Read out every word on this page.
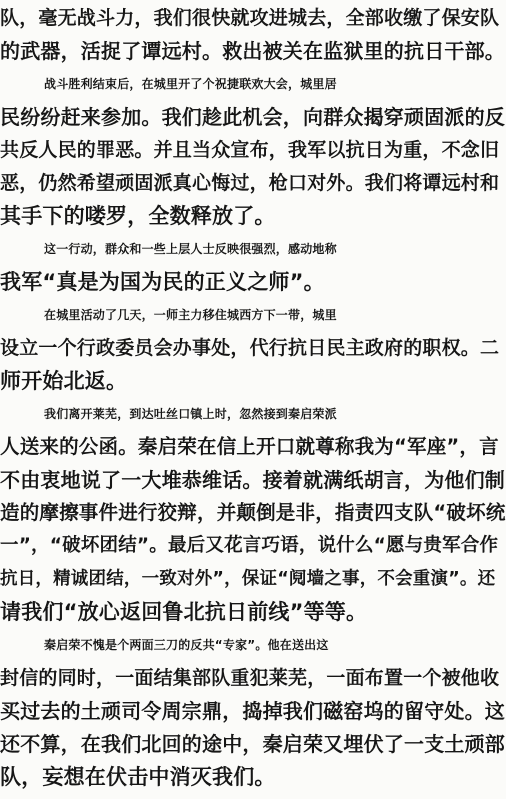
队，毫无战斗力，我们很快就攻进城去，全部收缴了保安队
的武器，活捉了谭远村。救出被关在监狱里的抗日干部。
战斗胜利结束后，在城里开了个祝捷联欢大会，城里居
民纷纷赶来参加。我们趁此机会，向群众揭穿顽固派的反
共反人民的罪恶。并且当众宣布，我军以抗日为重，不念旧
恶，仍然希望顽固派真心悔过，枪口对外。我们将谭远村和
其手下的喽罗，全数释放了。
这一行动，群众和一些上层人士反映很强烈，感动地称
我军“真是为国为民的正义之师”。
在城里活动了几天，一师主力移住城西方下一带，城里
设立一个行政委员会办事处，代行抗日民主政府的职权。二
师开始北返。
我们离开莱芜，到达吐丝口镇上时，忽然接到秦启荣派
人送来的公函。秦启荣在信上开口就尊称我为“军座”，言
不由衷地说了一大堆恭维话。接着就满纸胡言，为他们制
造的摩擦事件进行狡辩，并颠倒是非，指责四支队“破坏统
一”，“破坏团结”。最后又花言巧语，说什么“愿与贵军合作
抗日，精诚团结，一致对外”，保证“阋墙之事，不会重演”。还
请我们“放心返回鲁北抗日前线”等等。
秦启荣不愧是个两面三刀的反共“专家”。他在送出这
封信的同时，一面结集部队重犯莱芜，一面布置一个被他收
买过去的土顽司令周宗鼎，捣掉我们磁窑坞的留守处。这
还不算，在我们北回的途中，秦启荣又埋伏了一支土顽部
队，妄想在伏击中消灭我们。
